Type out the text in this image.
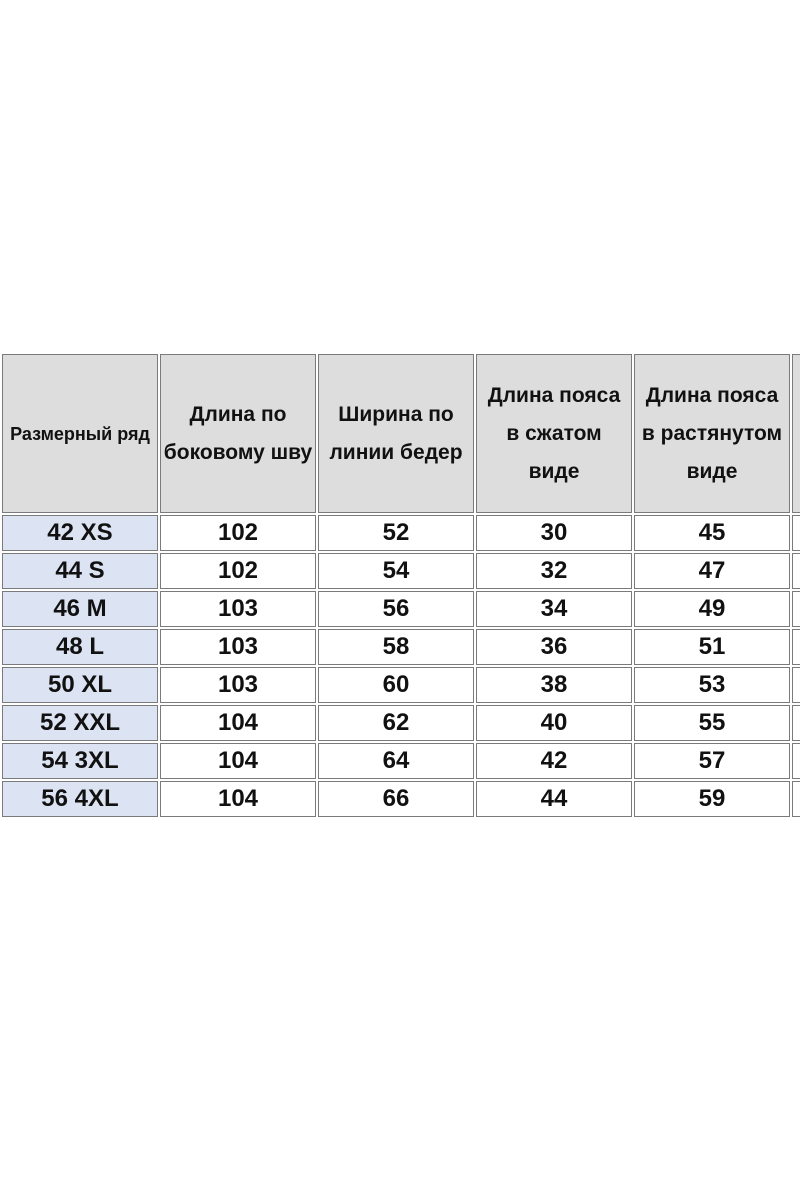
Размерный ряд	Длина по боковому шву	Ширина по линии бедер	Длина пояса в сжатом виде	Длина пояса в растянутом виде	

42 XS	102	52	30	45	
44 S	102	54	32	47	
46 M	103	56	34	49	
48 L	103	58	36	51	
50 XL	103	60	38	53	
52 XXL	104	62	40	55	
54 3XL	104	64	42	57	
56 4XL	104	66	44	59	
